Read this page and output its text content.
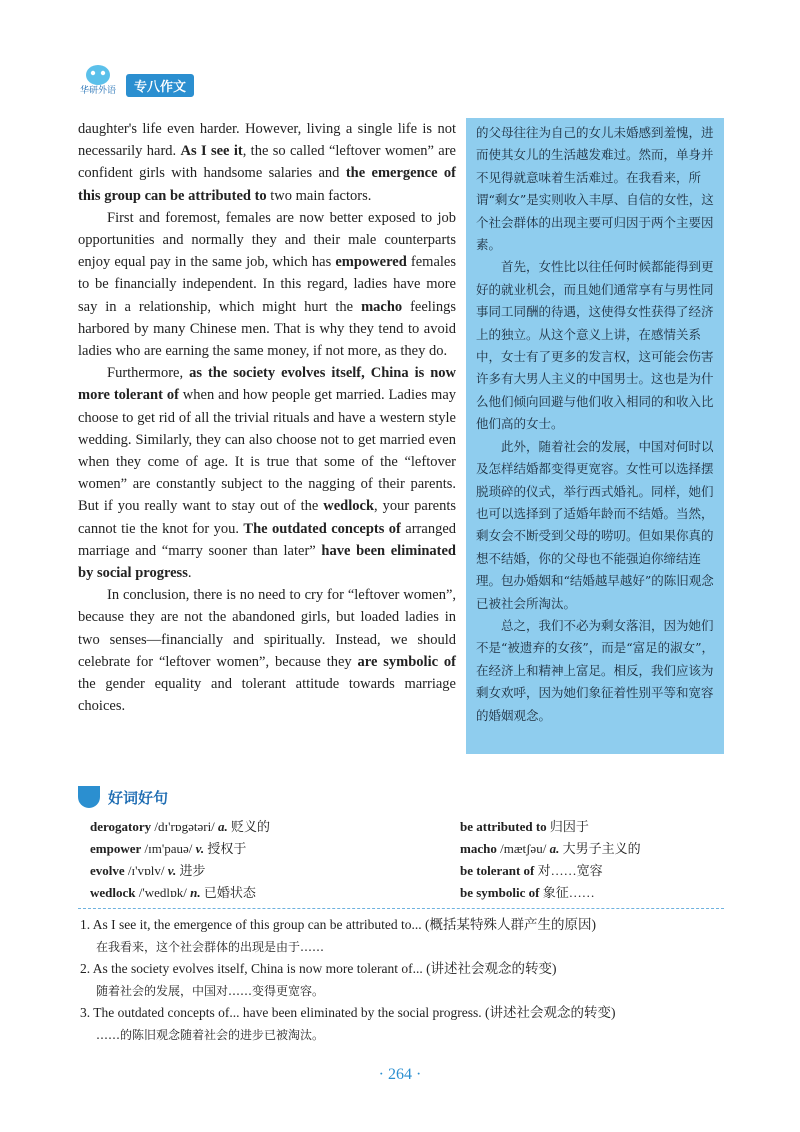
华研外语	专八作文

daughter's life even harder. However, living a single life is not necessarily hard. As I see it, the so called “leftover women” are confident girls with handsome salaries and the emergence of this group can be attributed to two main factors.

First and foremost, females are now better exposed to job opportunities and normally they and their male counterparts enjoy equal pay in the same job, which has empowered females to be financially independent. In this regard, ladies have more say in a relationship, which might hurt the macho feelings harbored by many Chinese men. That is why they tend to avoid ladies who are earning the same money, if not more, as they do.

Furthermore, as the society evolves itself, China is now more tolerant of when and how people get married. Ladies may choose to get rid of all the trivial rituals and have a western style wedding. Similarly, they can also choose not to get married even when they come of age. It is true that some of the “leftover women” are constantly subject to the nagging of their parents. But if you really want to stay out of the wedlock, your parents cannot tie the knot for you. The outdated concepts of arranged marriage and “marry sooner than later” have been eliminated by social progress.

In conclusion, there is no need to cry for “leftover women”, because they are not the abandoned girls, but loaded ladies in two senses—financially and spiritually. Instead, we should celebrate for “leftover women”, because they are symbolic of the gender equality and tolerant attitude towards marriage choices.

的父母往往为自己的女儿未婚感到羞愧，进而使其女儿的生活越发难过。然而，单身并不见得就意味着生活难过。在我看来，所谓“剩女”是实则收入丰厚、自信的女性，这个社会群体的出现主要可归因于两个主要因素。

首先，女性比以往任何时候都能得到更好的就业机会，而且她们通常享有与男性同事同工同酬的待遇，这使得女性获得了经济上的独立。从这个意义上讲，在感情关系中，女士有了更多的发言权，这可能会伤害许多有大男人主义的中国男士。这也是为什么他们倾向回避与他们收入相同的和收入比他们高的女士。

此外，随着社会的发展，中国对何时以及怎样结婚都变得更宽容。女性可以选择摆脱琐碎的仪式，举行西式婚礼。同样，她们也可以选择到了适婚年龄而不结婚。当然，剩女会不断受到父母的唠叨。但如果你真的想不结婚，你的父母也不能强迫你缔结连理。包办婚姻和“结婚越早越好”的陈旧观念已被社会所淘汰。

总之，我们不必为剩女落泪，因为她们不是“被遗弃的女孩”，而是“富足的淑女”，在经济上和精神上富足。相反，我们应该为剩女欢呼，因为她们象征着性别平等和宽容的婚姻观念。

好词好句
derogatory /dɪ'rɒgətəri/ a. 贬义的	be attributed to 归因于
empower /ɪm'pauə/ v. 授权于	macho /mætʃəu/ a. 大男子主义的
evolve /ɪ'vɒlv/ v. 进步	be tolerant of 对……宽容
wedlock /'wedlɒk/ n. 已婚状态	be symbolic of 象征……

1. As I see it, the emergence of this group can be attributed to... (概括某特殊人群产生的原因)

在我看来，这个社会群体的出现是由于……

2. As the society evolves itself, China is now more tolerant of... (讲述社会观念的转变)

随着社会的发展，中国对……变得更宽容。

3. The outdated concepts of... have been eliminated by the social progress. (讲述社会观念的转变)

……的陈旧观念随着社会的进步已被淘汰。

· 264 ·
